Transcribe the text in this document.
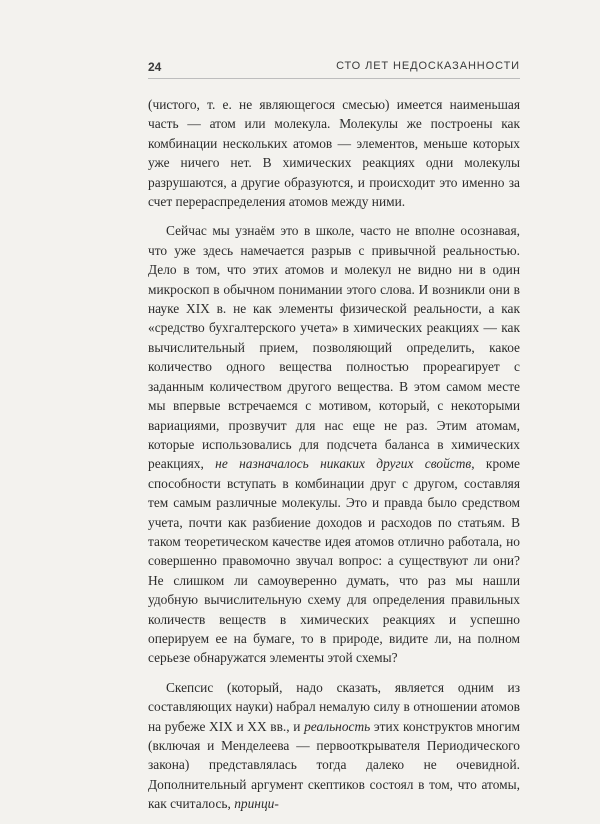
24	СТО ЛЕТ НЕДОСКАЗАННОСТИ

(чистого, т. е. не являющегося смесью) имеется наименьшая часть — атом или молекула. Молекулы же построены как комбинации нескольких атомов — элементов, меньше которых уже ничего нет. В химических реакциях одни молекулы разрушаются, а другие образуются, и происходит это именно за счет перераспределения атомов между ними.

Сейчас мы узнаём это в школе, часто не вполне осознавая, что уже здесь намечается разрыв с привычной реальностью. Дело в том, что этих атомов и молекул не видно ни в один микроскоп в обычном понимании этого слова. И возникли они в науке XIX в. не как элементы физической реальности, а как «средство бухгалтерского учета» в химических реакциях — как вычислительный прием, позволяющий определить, какое количество одного вещества полностью прореагирует с заданным количеством другого вещества. В этом самом месте мы впервые встречаемся с мотивом, который, с некоторыми вариациями, прозвучит для нас еще не раз. Этим атомам, которые использовались для подсчета баланса в химических реакциях, не назначалось никаких других свойств, кроме способности вступать в комбинации друг с другом, составляя тем самым различные молекулы. Это и правда было средством учета, почти как разбиение доходов и расходов по статьям. В таком теоретическом качестве идея атомов отлично работала, но совершенно правомочно звучал вопрос: а существуют ли они? Не слишком ли самоуверенно думать, что раз мы нашли удобную вычислительную схему для определения правильных количеств веществ в химических реакциях и успешно оперируем ее на бумаге, то в природе, видите ли, на полном серьезе обнаружатся элементы этой схемы?

Скепсис (который, надо сказать, является одним из составляющих науки) набрал немалую силу в отношении атомов на рубеже XIX и XX вв., и реальность этих конструктов многим (включая и Менделеева — первооткрывателя Периодического закона) представлялась тогда далеко не очевидной. Дополнительный аргумент скептиков состоял в том, что атомы, как считалось, принци-
